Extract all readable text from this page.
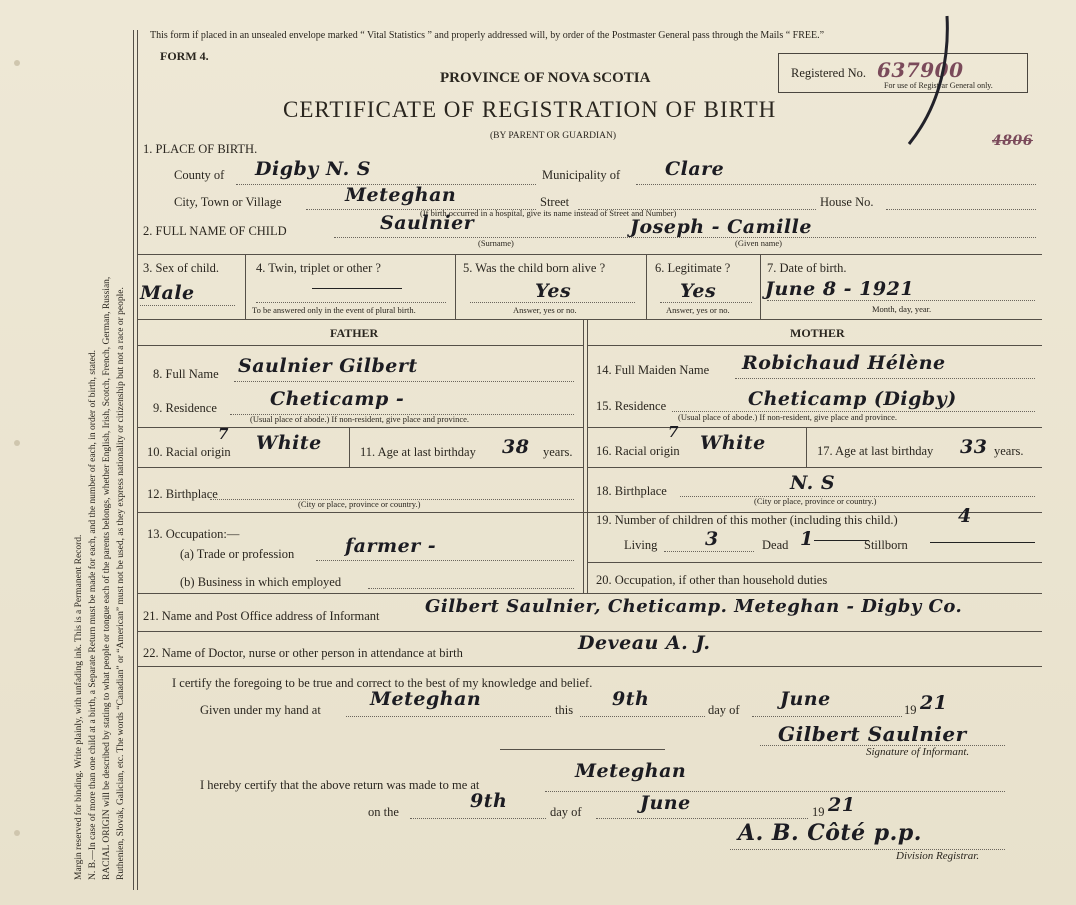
Margin reserved for binding. Write plainly, with unfading ink. This is a Permanent Record. N. B.—In case of more than one child at a birth, a Separate Return must be made for each, and the number of each, in order of birth, stated. RACIAL ORIGIN will be described by stating to what people or tongue each of the parents belongs, whether English, Irish, Scotch, French, German, Russian, Ruthenien, Slovak, Galician, etc. The words “Canadian” or “American” must not be used, as they express nationality or citizenship but not a race or people.
This form if placed in an unsealed envelope marked “ Vital Statistics ” and properly addressed will, by order of the Postmaster General pass through the Mails “ FREE.”
FORM 4.
PROVINCE OF NOVA SCOTIA
CERTIFICATE OF REGISTRATION OF BIRTH
(BY PARENT OR GUARDIAN)
Registered No. 637900
For use of Registrar General only.
4806
1. PLACE OF BIRTH.
County of Digby N. S	Municipality of Clare
City, Town or Village	Meteghan	Street	House No.
(If birth occurred in a hospital, give its name instead of Street and Number)
2. FULL NAME OF CHILD	Saulnier	Joseph - Camille
(Surname)	(Given name)
3. Sex of child.
Male
4. Twin, triplet or other ?
To be answered only in the event of plural birth.
5. Was the child born alive ?
Yes
Answer, yes or no.
6. Legitimate ?
Yes
Answer, yes or no.
7. Date of birth.
June 8 - 1921
Month, day, year.
FATHER	MOTHER
8. Full Name Saulnier Gilbert
9. Residence	Cheticamp -
(Usual place of abode.) If non-resident, give place and province.
10. Racial origin
7 White	11. Age at last birthday 38 years.
12. Birthplace
(City or place, province or country.)
13. Occupation:—
(a) Trade or profession	farmer -
(b) Business in which employed
14. Full Maiden Name Robichaud Hélène
15. Residence	Cheticamp (Digby)
(Usual place of abode.) If non-resident, give place and province.
16. Racial origin
7 White	17. Age at last birthday 33 years.
18. Birthplace	N. S
(City or place, province or country.)
19. Number of children of this mother (including this child.)	4
Living	3	Dead 1	Stillborn
20. Occupation, if other than household duties
21. Name and Post Office address of Informant	Gilbert Saulnier, Cheticamp. Meteghan - Digby Co.
22. Name of Doctor, nurse or other person in attendance at birth	Deveau A. J.
I certify the foregoing to be true and correct to the best of my knowledge and belief.
Given under my hand at	Meteghan	this 9th	day of June	19 21
Gilbert Saulnier
Signature of Informant.
I hereby certify that the above return was made to me at
Meteghan
on the	9th	day of	June	19 21
A. B. Côté p.p.
Division Registrar.
